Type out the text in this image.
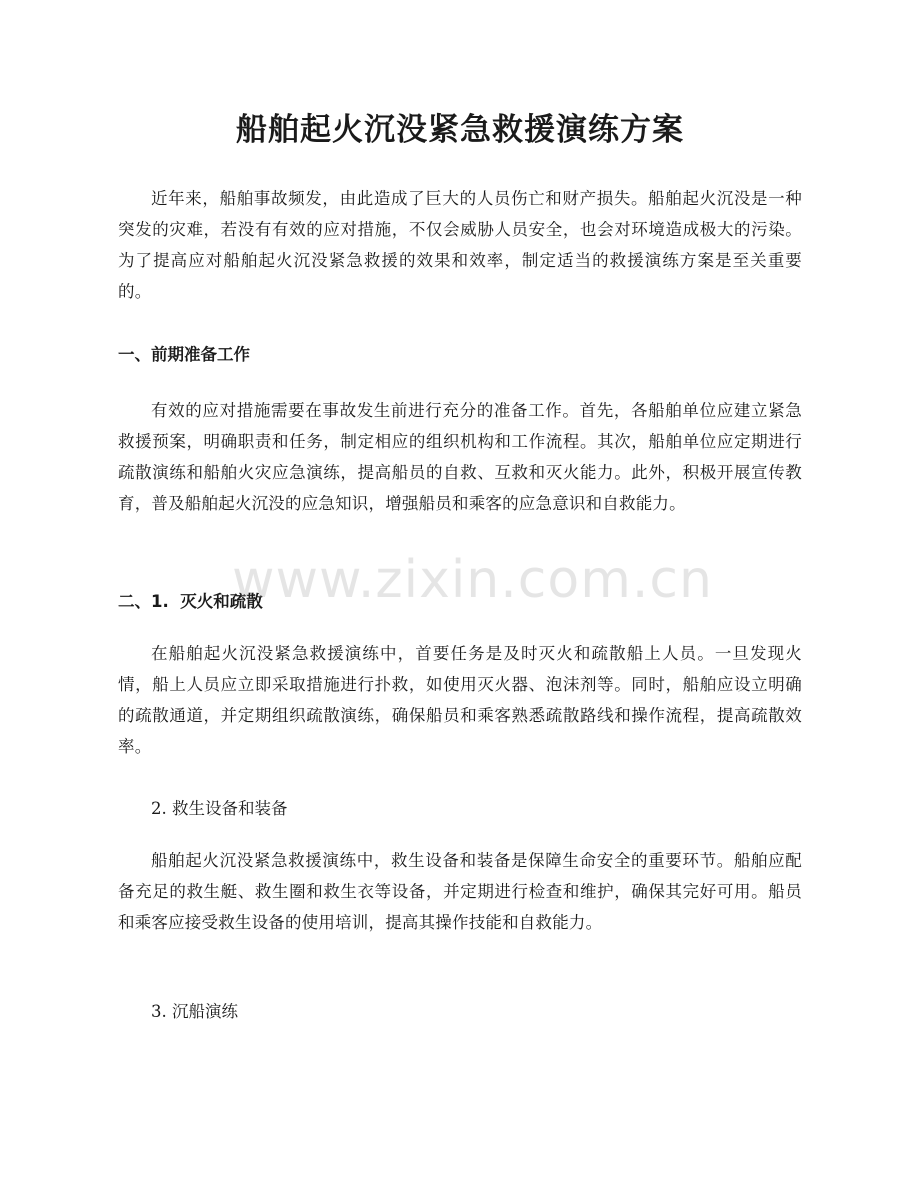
船舶起火沉没紧急救援演练方案

近年来，船舶事故频发，由此造成了巨大的人员伤亡和财产损失。船舶起火沉没是一种突发的灾难，若没有有效的应对措施，不仅会威胁人员安全，也会对环境造成极大的污染。为了提高应对船舶起火沉没紧急救援的效果和效率，制定适当的救援演练方案是至关重要的。

一、前期准备工作

有效的应对措施需要在事故发生前进行充分的准备工作。首先，各船舶单位应建立紧急救援预案，明确职责和任务，制定相应的组织机构和工作流程。其次，船舶单位应定期进行疏散演练和船舶火灾应急演练，提高船员的自救、互救和灭火能力。此外，积极开展宣传教育，普及船舶起火沉没的应急知识，增强船员和乘客的应急意识和自救能力。

二、1.  灭火和疏散

在船舶起火沉没紧急救援演练中，首要任务是及时灭火和疏散船上人员。一旦发现火情，船上人员应立即采取措施进行扑救，如使用灭火器、泡沫剂等。同时，船舶应设立明确的疏散通道，并定期组织疏散演练，确保船员和乘客熟悉疏散路线和操作流程，提高疏散效率。

2. 救生设备和装备

船舶起火沉没紧急救援演练中，救生设备和装备是保障生命安全的重要环节。船舶应配备充足的救生艇、救生圈和救生衣等设备，并定期进行检查和维护，确保其完好可用。船员和乘客应接受救生设备的使用培训，提高其操作技能和自救能力。

3. 沉船演练

www.zixin.com.cn
